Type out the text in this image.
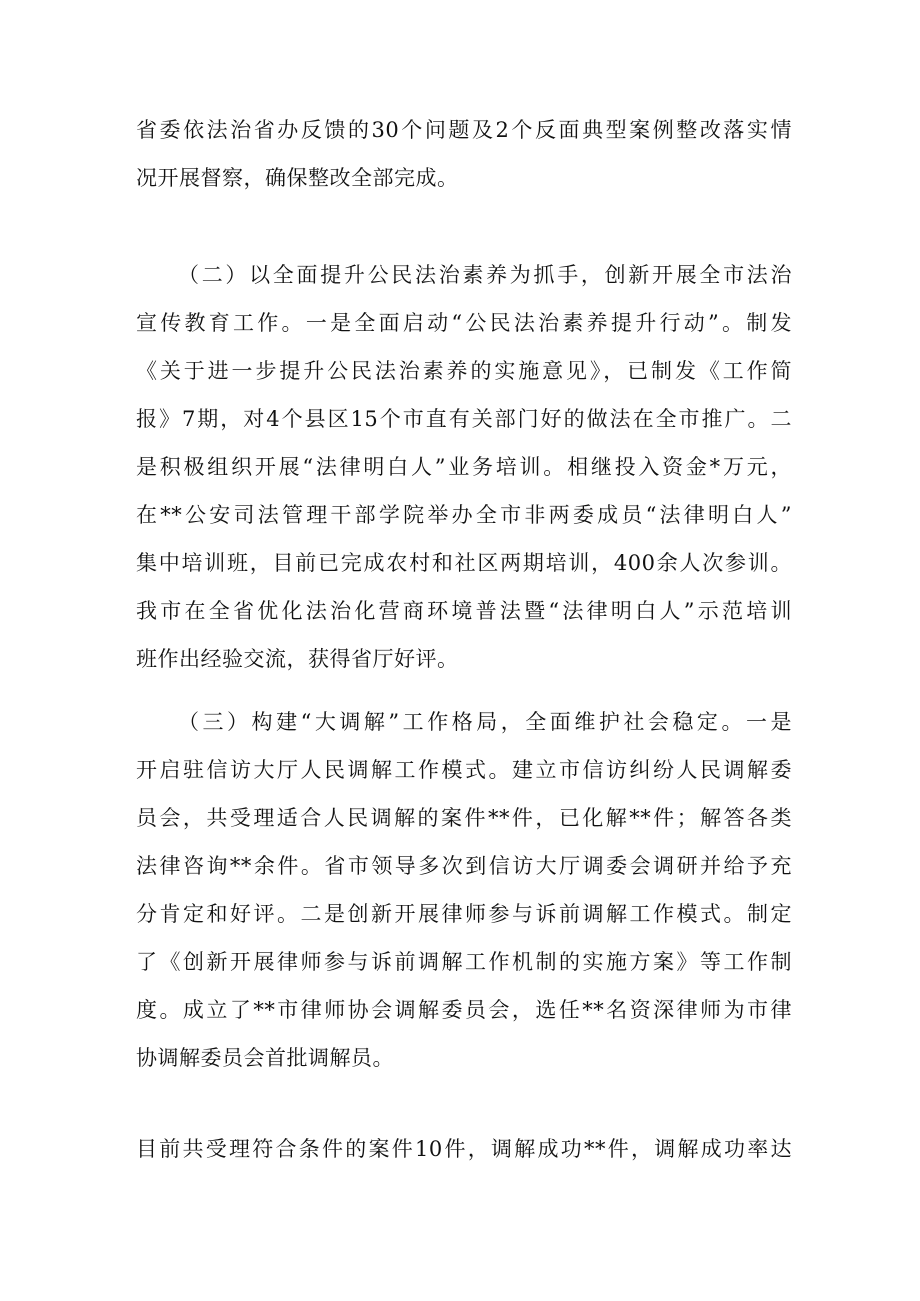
省委依法治省办反馈的30个问题及2个反面典型案例整改落实情
况开展督察，确保整改全部完成。
（二）以全面提升公民法治素养为抓手，创新开展全市法治
宣传教育工作。一是全面启动“公民法治素养提升行动”。制发
《关于进一步提升公民法治素养的实施意见》，已制发《工作简
报》7期，对4个县区15个市直有关部门好的做法在全市推广。二
是积极组织开展“法律明白人”业务培训。相继投入资金*万元，
在**公安司法管理干部学院举办全市非两委成员“法律明白人”
集中培训班，目前已完成农村和社区两期培训，400余人次参训。
我市在全省优化法治化营商环境普法暨“法律明白人”示范培训
班作出经验交流，获得省厅好评。
（三）构建“大调解”工作格局，全面维护社会稳定。一是
开启驻信访大厅人民调解工作模式。建立市信访纠纷人民调解委
员会，共受理适合人民调解的案件**件，已化解**件；解答各类
法律咨询**余件。省市领导多次到信访大厅调委会调研并给予充
分肯定和好评。二是创新开展律师参与诉前调解工作模式。制定
了《创新开展律师参与诉前调解工作机制的实施方案》等工作制
度。成立了**市律师协会调解委员会，选任**名资深律师为市律
协调解委员会首批调解员。
目前共受理符合条件的案件10件，调解成功**件，调解成功率达
